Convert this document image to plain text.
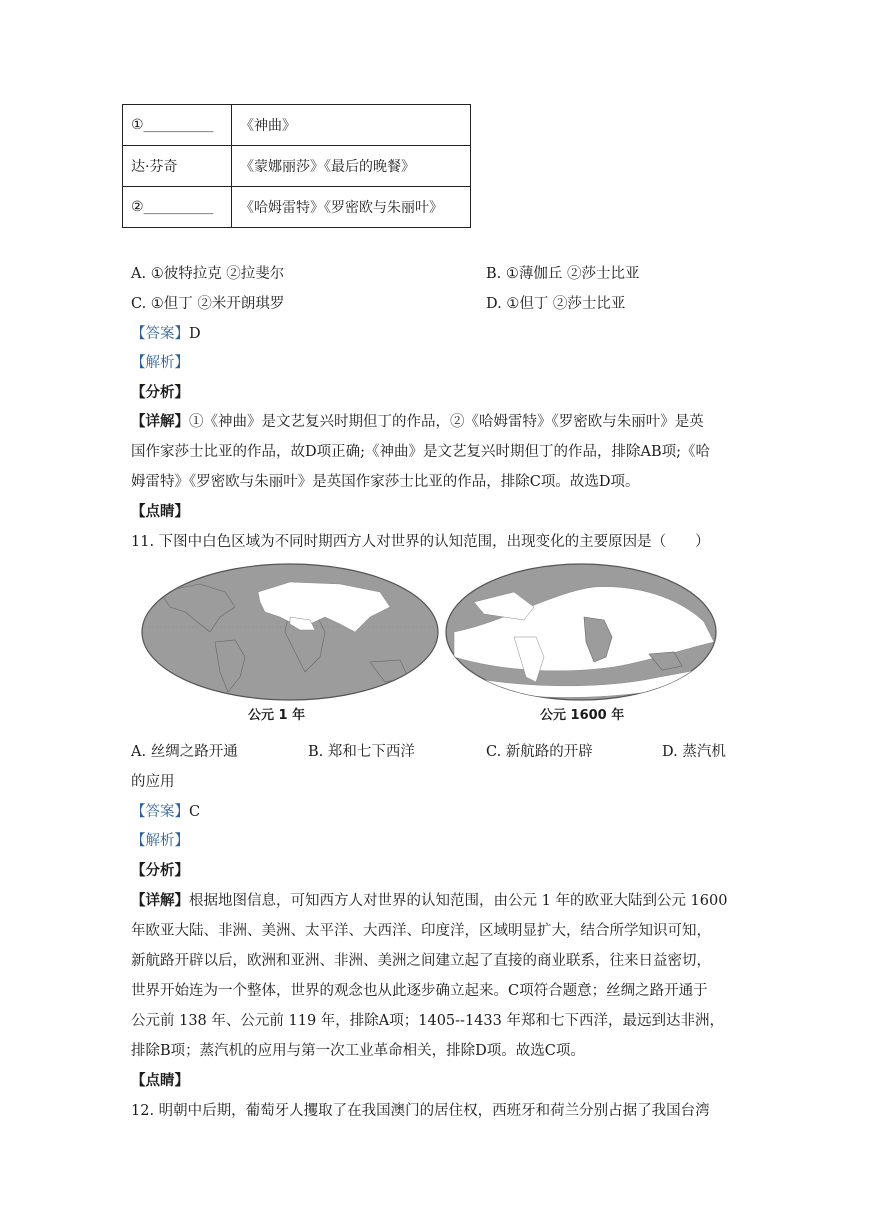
①__________	《神曲》
达·芬奇	《蒙娜丽莎》《最后的晚餐》
②__________	《哈姆雷特》《罗密欧与朱丽叶》
A. ①彼特拉克 ②拉斐尔	B. ①薄伽丘 ②莎士比亚
C. ①但丁 ②米开朗琪罗	D. ①但丁 ②莎士比亚
【答案】D
【解析】
【分析】
【详解】①《神曲》是文艺复兴时期但丁的作品，②《哈姆雷特》《罗密欧与朱丽叶》是英
国作家莎士比亚的作品，故D项正确;《神曲》是文艺复兴时期但丁的作品，排除AB项;《哈
姆雷特》《罗密欧与朱丽叶》是英国作家莎士比亚的作品，排除C项。故选D项。
【点睛】
11. 下图中白色区域为不同时期西方人对世界的认知范围，出现变化的主要原因是（　　）
公元 1 年	公元 1600 年
A. 丝绸之路开通	B. 郑和七下西洋	C. 新航路的开辟	D. 蒸汽机
的应用
【答案】C
【解析】
【分析】
【详解】根据地图信息，可知西方人对世界的认知范围，由公元 1 年的欧亚大陆到公元 1600
年欧亚大陆、非洲、美洲、太平洋、大西洋、印度洋，区域明显扩大，结合所学知识可知，
新航路开辟以后，欧洲和亚洲、非洲、美洲之间建立起了直接的商业联系，往来日益密切，
世界开始连为一个整体，世界的观念也从此逐步确立起来。C项符合题意；丝绸之路开通于
公元前 138 年、公元前 119 年，排除A项；1405--1433 年郑和七下西洋，最远到达非洲，
排除B项；蒸汽机的应用与第一次工业革命相关，排除D项。故选C项。
【点睛】
12. 明朝中后期，葡萄牙人攫取了在我国澳门的居住权，西班牙和荷兰分别占据了我国台湾
